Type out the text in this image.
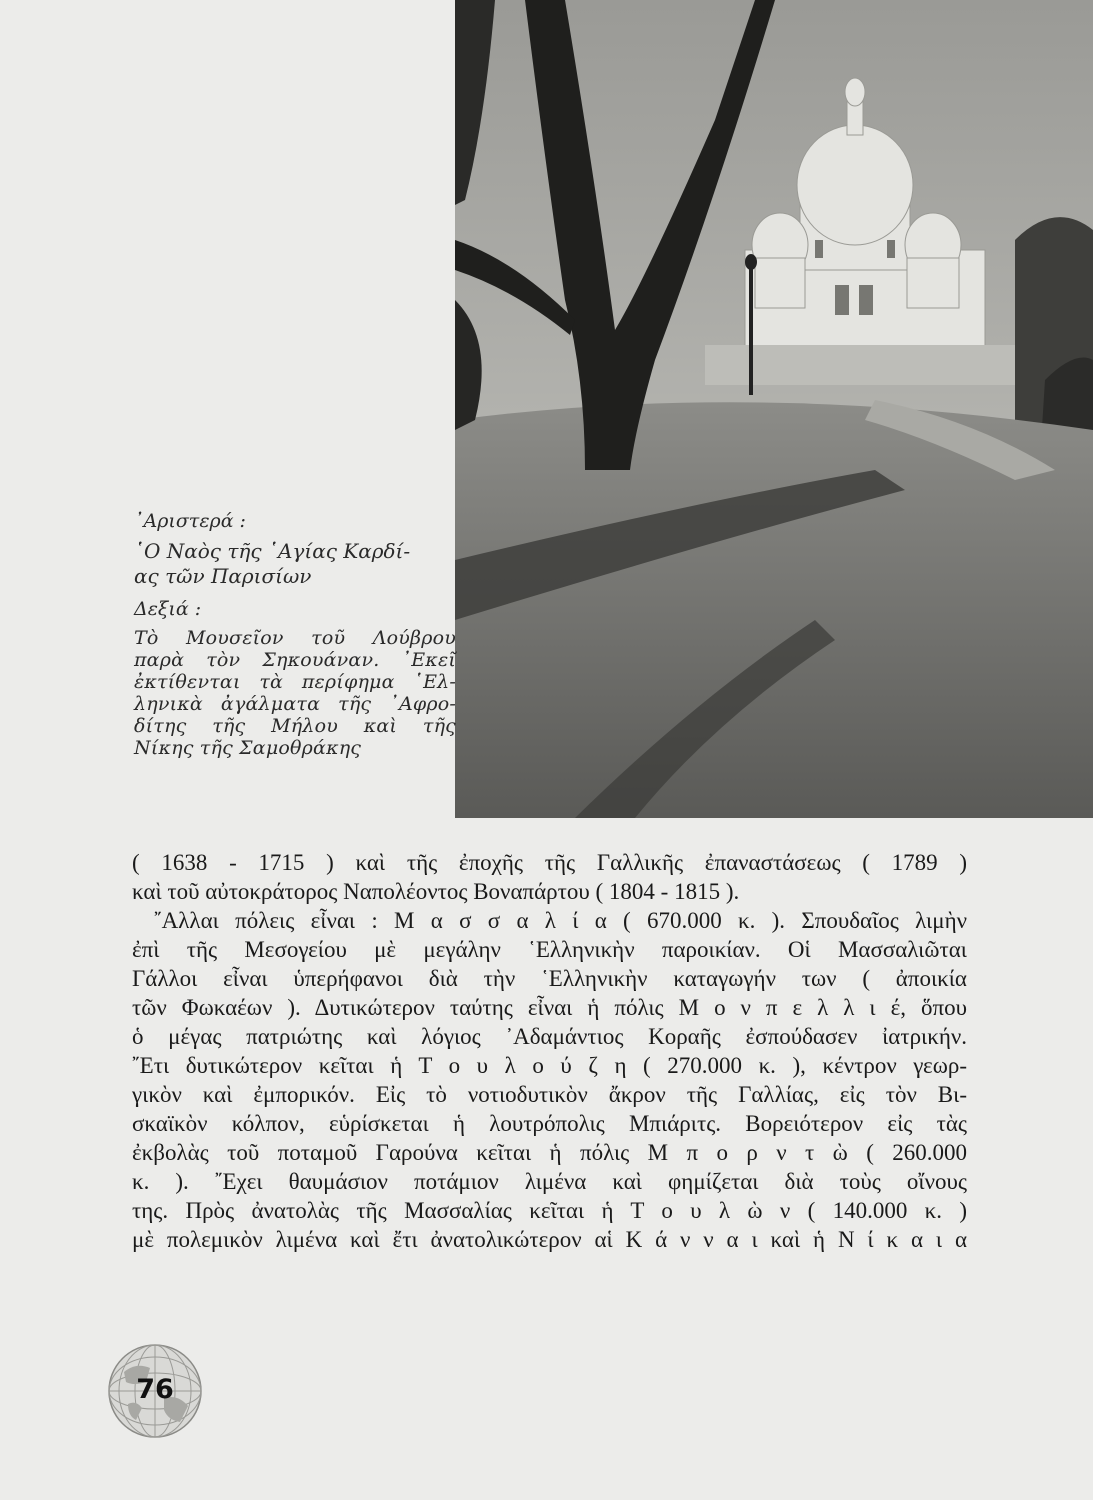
᾿Αριστερά :

῾Ο Ναὸς τῆς ῾Αγίας Καρδί-
ας τῶν Παρισίων

Δεξιά :

Τὸ Μουσεῖον τοῦ Λούβρου
παρὰ τὸν Σηκουάναν. ᾿Εκεῖ
ἐκτίθενται τὰ περίφημα ῾Ελ-
ληνικὰ ἀγάλματα τῆς ᾿Αφρο-
δίτης τῆς Μήλου καὶ τῆς
Νίκης τῆς Σαμοθράκης

( 1638 - 1715 ) καὶ τῆς ἐποχῆς τῆς Γαλλικῆς ἐπαναστάσεως ( 1789 )
καὶ τοῦ αὐτοκράτορος Ναπολέοντος Βοναπάρτου ( 1804 - 1815 ).
῎Αλλαι πόλεις εἶναι : Μ α σ σ α λ ί α ( 670.000 κ. ). Σπουδαῖος λιμὴν
ἐπὶ τῆς Μεσογείου μὲ μεγάλην ῾Ελληνικὴν παροικίαν. Οἱ Μασσαλιῶται
Γάλλοι εἶναι ὑπερήφανοι διὰ τὴν ῾Ελληνικὴν καταγωγήν των ( ἀποικία
τῶν Φωκαέων ). Δυτικώτερον ταύτης εἶναι ἡ πόλις Μ ο ν π ε λ λ ι έ, ὅπου
ὁ μέγας πατριώτης καὶ λόγιος ᾿Αδαμάντιος Κοραῆς ἐσπούδασεν ἰατρικήν.
῎Ετι δυτικώτερον κεῖται ἡ Τ ο υ λ ο ύ ζ η ( 270.000 κ. ), κέντρον γεωρ-
γικὸν καὶ ἐμπορικόν. Εἰς τὸ νοτιοδυτικὸν ἄκρον τῆς Γαλλίας, εἰς τὸν Βι-
σκαϊκὸν κόλπον, εὑρίσκεται ἡ λουτρόπολις Μπιάριτς. Βορειότερον εἰς τὰς
ἐκβολὰς τοῦ ποταμοῦ Γαρούνα κεῖται ἡ πόλις Μ π ο ρ ν τ ὼ ( 260.000
κ. ). ῎Εχει θαυμάσιον ποτάμιον λιμένα καὶ φημίζεται διὰ τοὺς οἴνους
της. Πρὸς ἀνατολὰς τῆς Μασσαλίας κεῖται ἡ Τ ο υ λ ὼ ν ( 140.000 κ. )
μὲ πολεμικὸν λιμένα καὶ ἔτι ἀνατολικώτερον αἱ Κ ά ν ν α ι καὶ ἡ Ν ί κ α ι α
76
